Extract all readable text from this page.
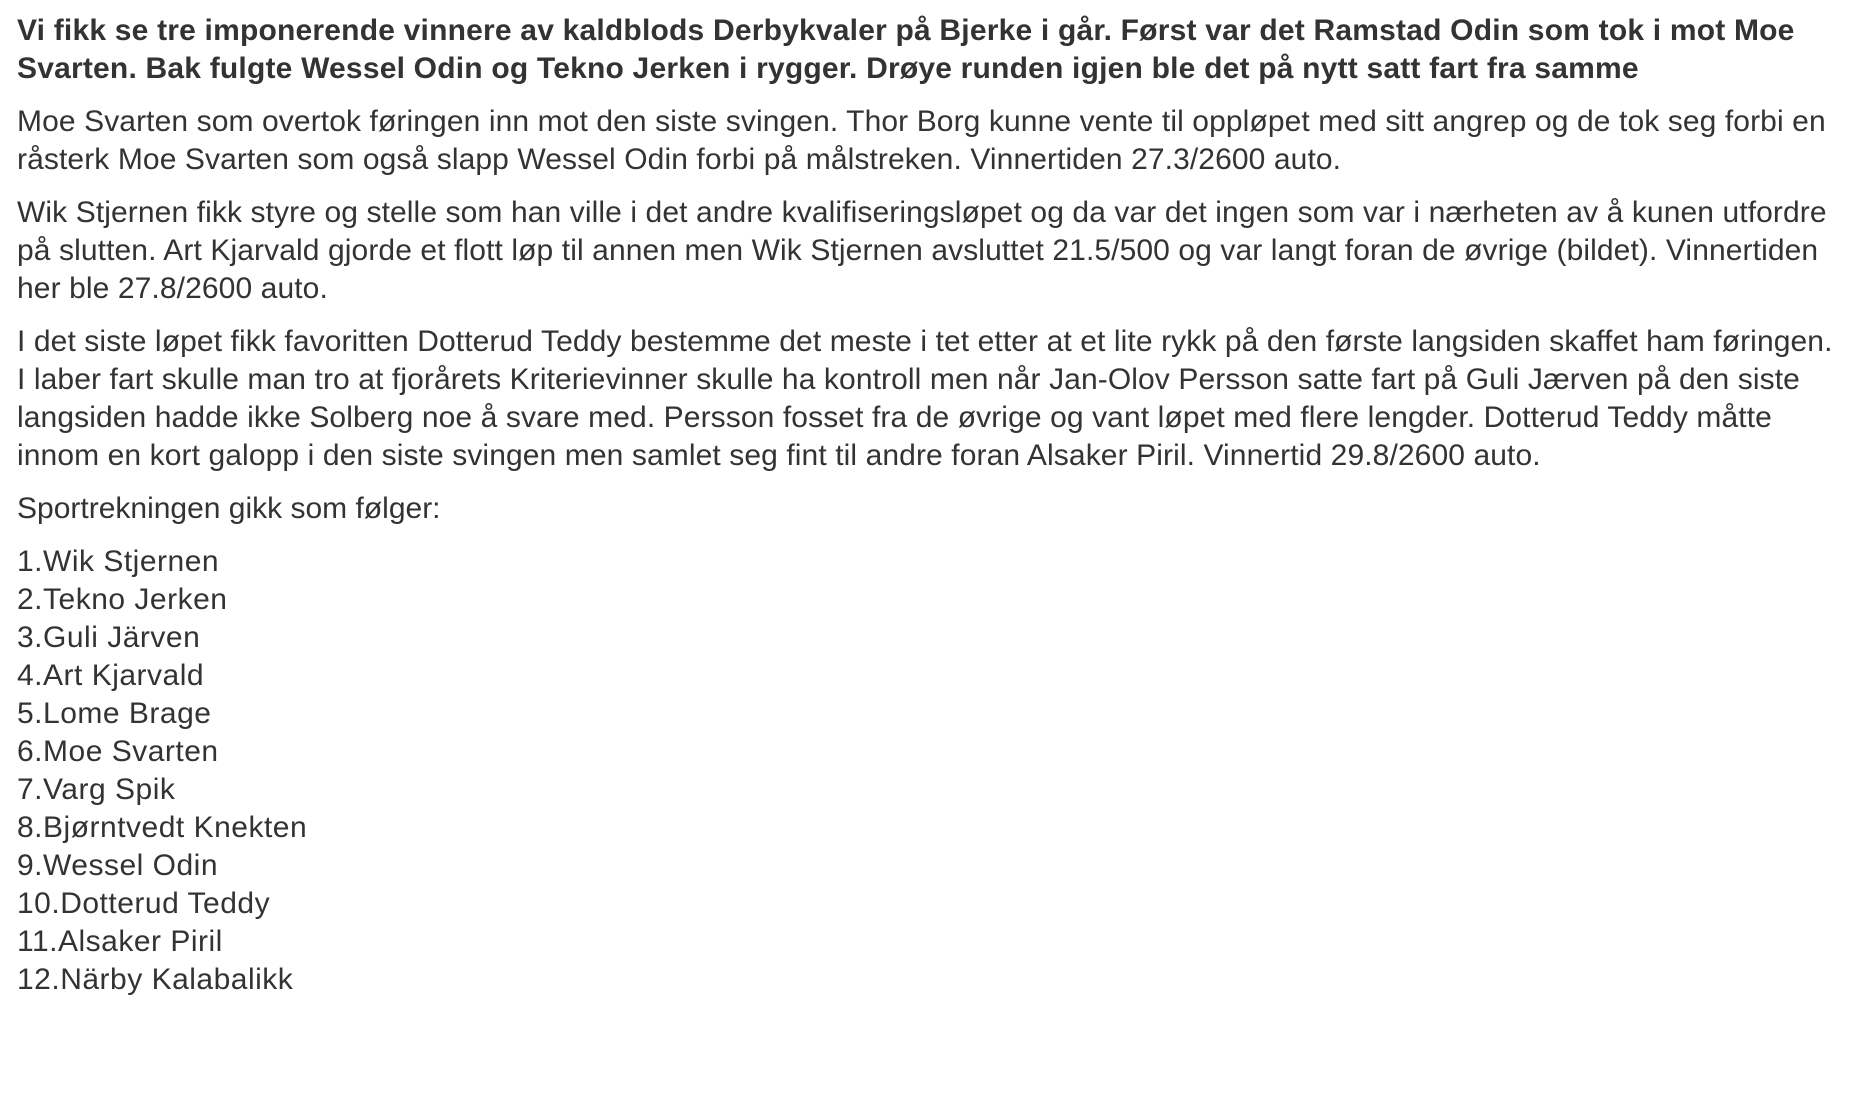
Vi fikk se tre imponerende vinnere av kaldblods Derbykvaler på Bjerke i går. Først var det Ramstad Odin som tok i mot Moe Svarten. Bak fulgte Wessel Odin og Tekno Jerken i rygger. Drøye runden igjen ble det på nytt satt fart fra samme

Moe Svarten som overtok føringen inn mot den siste svingen. Thor Borg kunne vente til oppløpet med sitt angrep og de tok seg forbi en råsterk Moe Svarten som også slapp Wessel Odin forbi på målstreken. Vinnertiden 27.3/2600 auto.

Wik Stjernen fikk styre og stelle som han ville i det andre kvalifiseringsløpet og da var det ingen som var i nærheten av å kunen utfordre på slutten. Art Kjarvald gjorde et flott løp til annen men Wik Stjernen avsluttet 21.5/500 og var langt foran de øvrige (bildet). Vinnertiden her ble 27.8/2600 auto.

I det siste løpet fikk favoritten Dotterud Teddy bestemme det meste i tet etter at et lite rykk på den første langsiden skaffet ham føringen. I laber fart skulle man tro at fjorårets Kriterievinner skulle ha kontroll men når Jan-Olov Persson satte fart på Guli Jærven på den siste langsiden hadde ikke Solberg noe å svare med. Persson fosset fra de øvrige og vant løpet med flere lengder. Dotterud Teddy måtte innom en kort galopp i den siste svingen men samlet seg fint til andre foran Alsaker Piril. Vinnertid 29.8/2600 auto.

Sportrekningen gikk som følger:

1.Wik Stjernen
2.Tekno Jerken
3.Guli Järven
4.Art Kjarvald
5.Lome Brage
6.Moe Svarten
7.Varg Spik
8.Bjørntvedt Knekten
9.Wessel Odin
10.Dotterud Teddy
11.Alsaker Piril
12.Närby Kalabalikk
